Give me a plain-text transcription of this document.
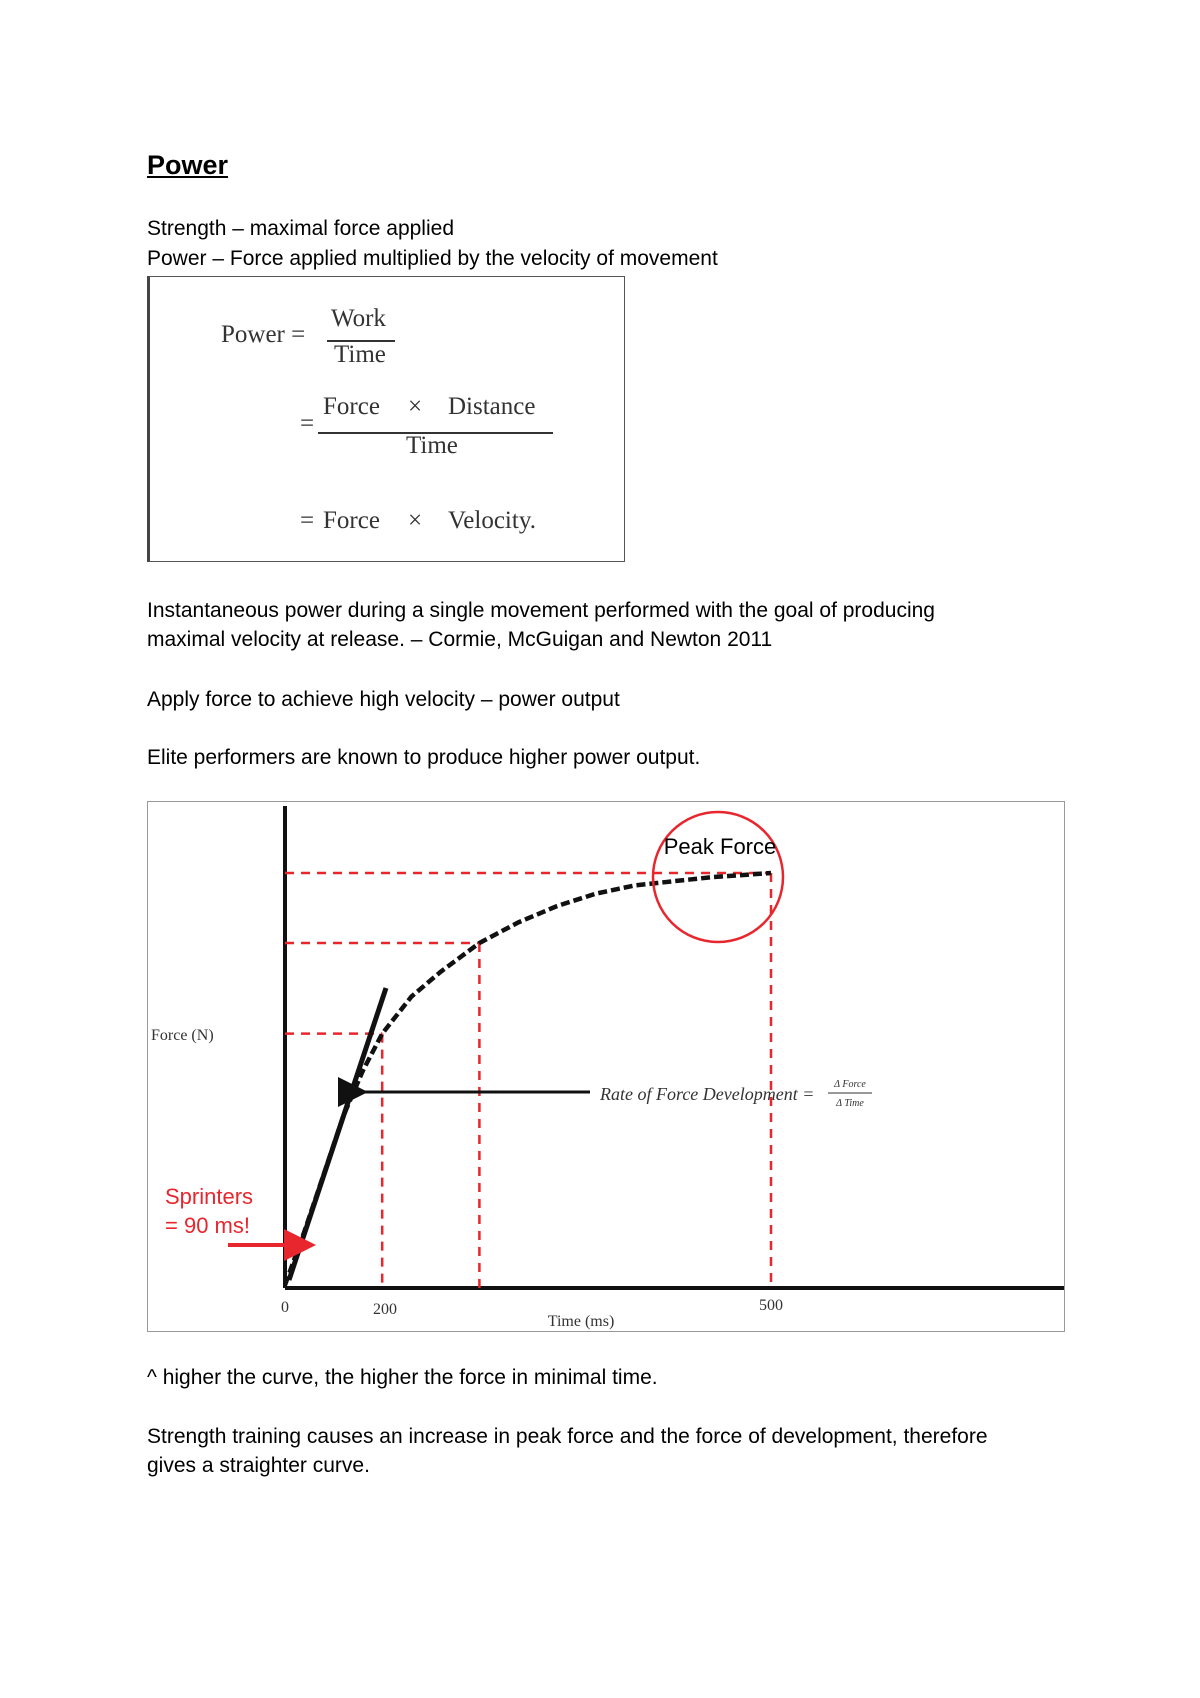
Power

Strength – maximal force applied

Power – Force applied multiplied by the velocity of movement

Power =
Work
Time
=
Force × Distance
Time
= Force × Velocity.

Instantaneous power during a single movement performed with the goal of producing

maximal velocity at release. – Cormie, McGuigan and Newton 2011

Apply force to achieve high velocity – power output

Elite performers are known to produce higher power output.

Peak Force
Rate of Force Development = Δ Force
Δ Time
Sprinters
= 90 ms!
Force (N)
Time (ms)
0	200	500

^ higher the curve, the higher the force in minimal time.

Strength training causes an increase in peak force and the force of development, therefore

gives a straighter curve.
